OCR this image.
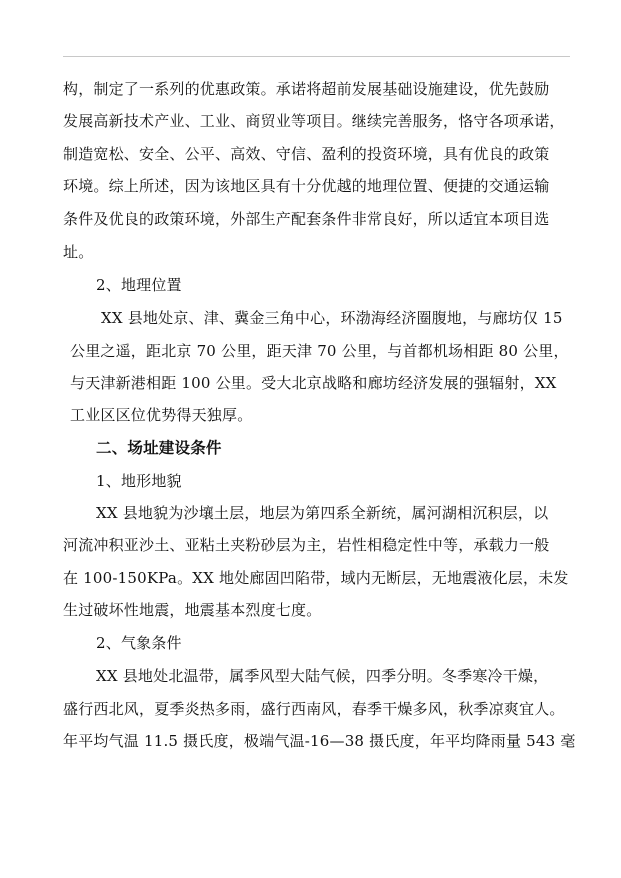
构，制定了一系列的优惠政策。承诺将超前发展基础设施建设，优先鼓励
发展高新技术产业、工业、商贸业等项目。继续完善服务，恪守各项承诺，
制造宽松、安全、公平、高效、守信、盈利的投资环境，具有优良的政策
环境。综上所述，因为该地区具有十分优越的地理位置、便捷的交通运输
条件及优良的政策环境，外部生产配套条件非常良好，所以适宜本项目选
址。
2、地理位置
XX 县地处京、津、冀金三角中心，环渤海经济圈腹地，与廊坊仅 15
公里之遥，距北京 70 公里，距天津 70 公里，与首都机场相距 80 公里，
与天津新港相距 100 公里。受大北京战略和廊坊经济发展的强辐射，XX
工业区区位优势得天独厚。
二、场址建设条件
1、地形地貌
XX 县地貌为沙壤土层，地层为第四系全新统，属河湖相沉积层，以
河流冲积亚沙土、亚粘土夹粉砂层为主，岩性相稳定性中等，承载力一般
在 100-150KPa。XX 地处廊固凹陷带，域内无断层，无地震液化层，未发
生过破坏性地震，地震基本烈度七度。
2、气象条件
XX 县地处北温带，属季风型大陆气候，四季分明。冬季寒冷干燥，
盛行西北风，夏季炎热多雨，盛行西南风，春季干燥多风，秋季凉爽宜人。
年平均气温 11.5 摄氏度，极端气温-16—38 摄氏度，年平均降雨量 543 毫
